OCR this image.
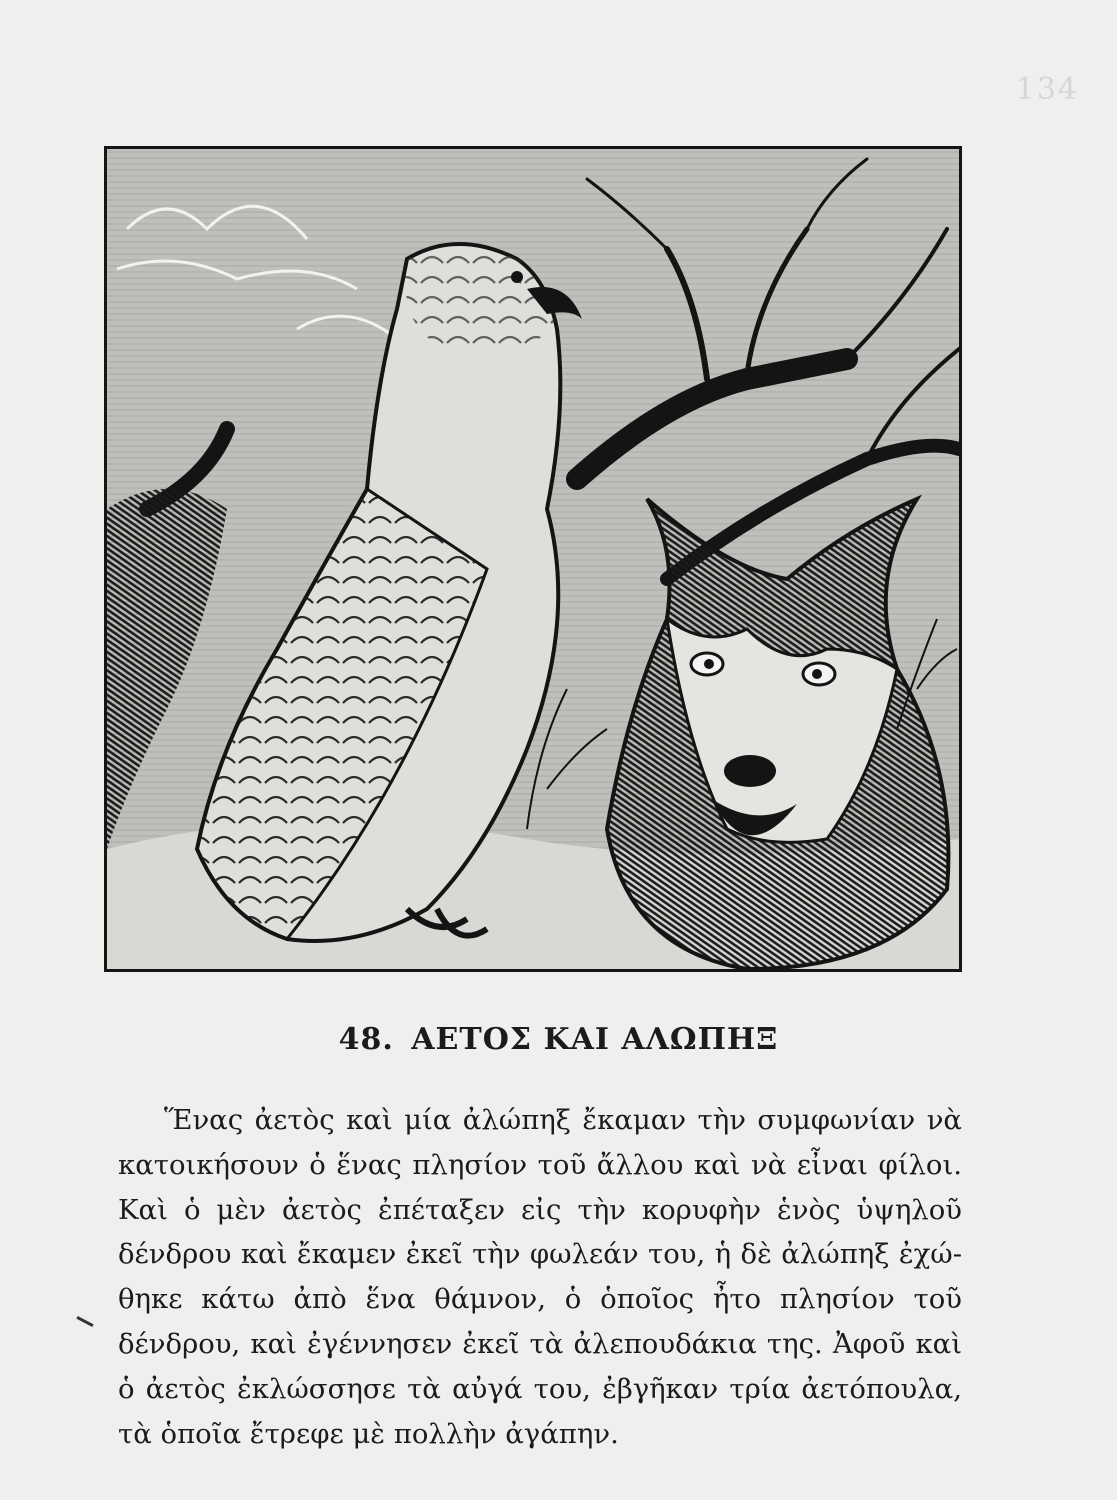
134
48. ΑΕΤΟΣ ΚΑΙ ΑΛΩΠΗΞ
Ἕνας ἀετὸς καὶ μία ἀλώπηξ ἔκαμαν τὴν συμφωνίαν νὰ
κατοικήσουν ὁ ἕνας πλησίον τοῦ ἄλλου καὶ νὰ εἶναι φίλοι.
Καὶ ὁ μὲν ἀετὸς ἐπέταξεν εἰς τὴν κορυφὴν ἑνὸς ὑψηλοῦ
δένδρου καὶ ἔκαμεν ἐκεῖ τὴν φωλεάν του, ἡ δὲ ἀλώπηξ ἐχώ-
θηκε κάτω ἀπὸ ἕνα θάμνον, ὁ ὁποῖος ἦτο πλησίον τοῦ
δένδρου, καὶ ἐγέννησεν ἐκεῖ τὰ ἀλεπουδάκια της. Ἀφοῦ καὶ
ὁ ἀετὸς ἐκλώσσησε τὰ αὐγά του, ἐβγῆκαν τρία ἀετόπουλα,
τὰ ὁποῖα ἔτρεφε μὲ πολλὴν ἀγάπην.
